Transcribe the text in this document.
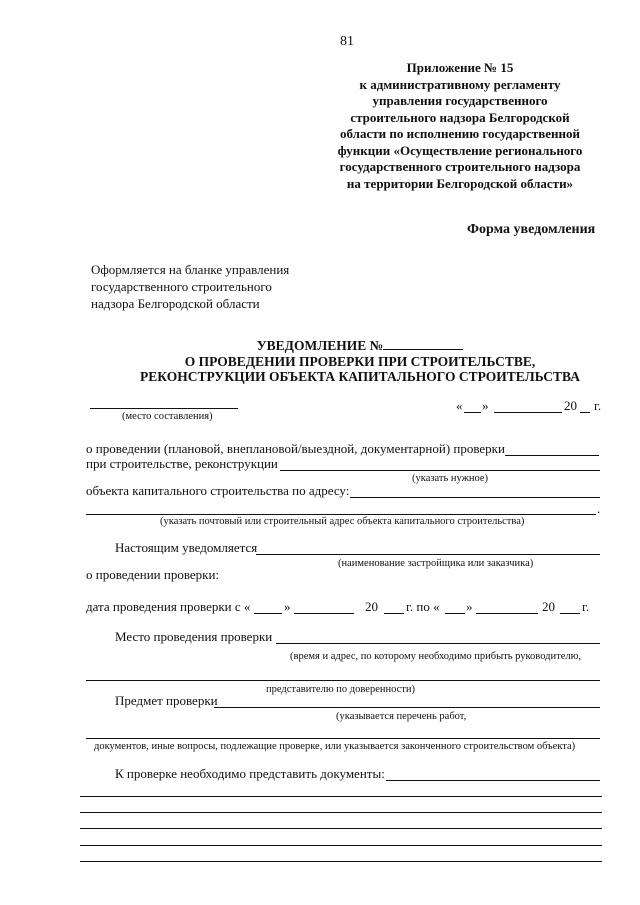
81
Приложение № 15
к административному регламенту
управления государственного
строительного надзора Белгородской
области по исполнению государственной
функции «Осуществление регионального
государственного строительного надзора
на территории Белгородской области»
Форма уведомления
Оформляется на бланке управления
государственного строительного
надзора Белгородской области
УВЕДОМЛЕНИЕ №
О ПРОВЕДЕНИИ ПРОВЕРКИ ПРИ СТРОИТЕЛЬСТВЕ,
РЕКОНСТРУКЦИИ ОБЪЕКТА КАПИТАЛЬНОГО СТРОИТЕЛЬСТВА
(место составления)
« »	20 г.
о проведении (плановой, внеплановой/выездной, документарной) проверки
при строительстве, реконструкции
(указать нужное)
объекта капитального строительства по адресу:
.
(указать почтовый или строительный адрес объекта капитального строительства)
Настоящим уведомляется
(наименование застройщика или заказчика)
о проведении проверки:
дата проведения проверки с «	»	20 г. по « »	20 г.
Место проведения проверки
(время и адрес, по которому необходимо прибыть руководителю,
представителю по доверенности)
Предмет проверки
(указывается перечень работ,
документов, иные вопросы, подлежащие проверке, или указывается законченного строительством объекта)
К проверке необходимо представить документы:
